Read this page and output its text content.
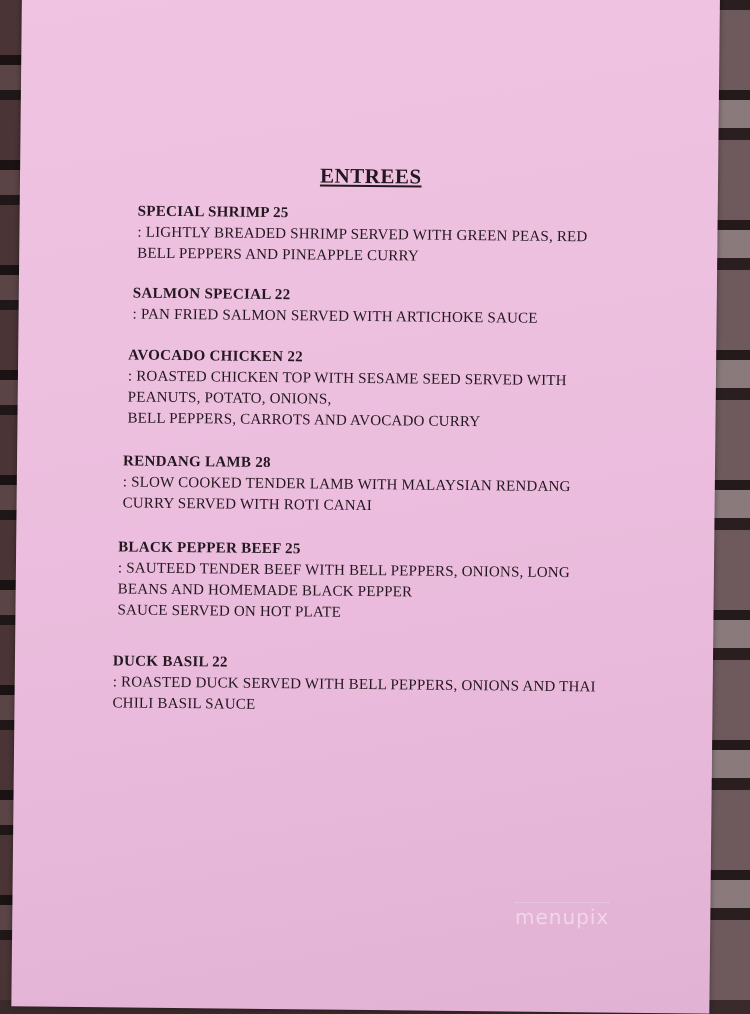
ENTREES
SPECIAL SHRIMP 25
: LIGHTLY BREADED SHRIMP SERVED WITH GREEN PEAS, RED
BELL PEPPERS AND PINEAPPLE CURRY
SALMON SPECIAL 22
: PAN FRIED SALMON SERVED WITH ARTICHOKE SAUCE
AVOCADO CHICKEN 22
: ROASTED CHICKEN TOP WITH SESAME SEED SERVED WITH
PEANUTS, POTATO, ONIONS,
BELL PEPPERS, CARROTS AND AVOCADO CURRY
RENDANG LAMB 28
: SLOW COOKED TENDER LAMB WITH MALAYSIAN RENDANG
CURRY SERVED WITH ROTI CANAI
BLACK PEPPER BEEF 25
: SAUTEED TENDER BEEF WITH BELL PEPPERS, ONIONS, LONG
BEANS AND HOMEMADE BLACK PEPPER
SAUCE SERVED ON HOT PLATE
DUCK BASIL 22
: ROASTED DUCK SERVED WITH BELL PEPPERS, ONIONS AND THAI
CHILI BASIL SAUCE
menupix
